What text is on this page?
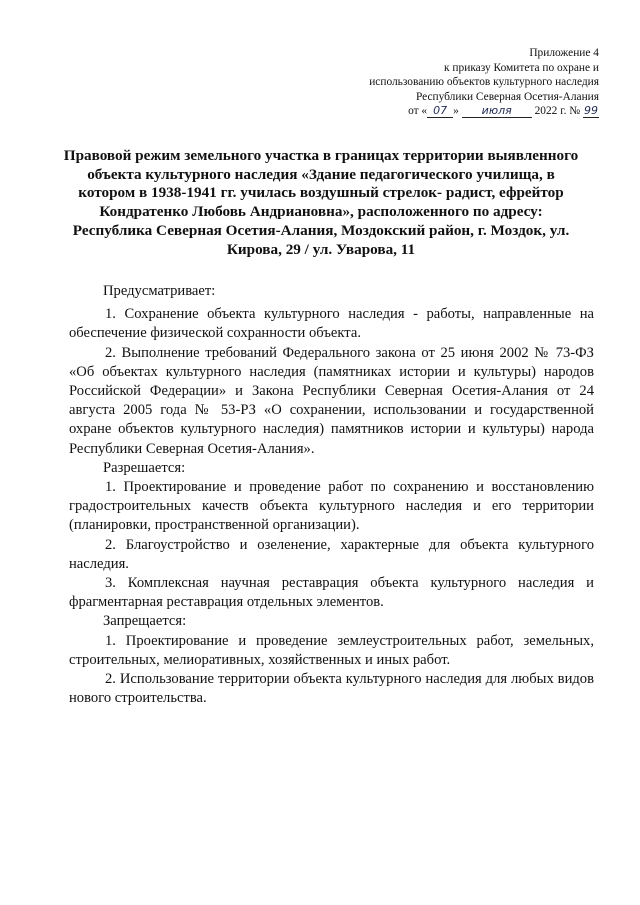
Приложение 4
к приказу Комитета по охране и
использованию объектов культурного наследия
Республики Северная Осетия-Алания
от « 07 » июля 2022 г. № 99
Правовой режим земельного участка в границах территории выявленного объекта культурного наследия «Здание педагогического училища, в котором в 1938-1941 гг. училась воздушный стрелок- радист, ефрейтор Кондратенко Любовь Андриановна», расположенного по адресу: Республика Северная Осетия-Алания, Моздокский район, г. Моздок, ул. Кирова, 29 / ул. Уварова, 11

Предусматривает:

1. Сохранение объекта культурного наследия - работы, направленные на обеспечение физической сохранности объекта.

2. Выполнение требований Федерального закона от 25 июня 2002 № 73-ФЗ «Об объектах культурного наследия (памятниках истории и культуры) народов Российской Федерации» и Закона Республики Северная Осетия-Алания от 24 августа 2005 года № 53-РЗ «О сохранении, использовании и государственной охране объектов культурного наследия) памятников истории и культуры) народа Республики Северная Осетия-Алания».

Разрешается:

1. Проектирование и проведение работ по сохранению и восстановлению градостроительных качеств объекта культурного наследия и его территории (планировки, пространственной организации).

2. Благоустройство и озеленение, характерные для объекта культурного наследия.

3. Комплексная научная реставрация объекта культурного наследия и фрагментарная реставрация отдельных элементов.

Запрещается:

1. Проектирование и проведение землеустроительных работ, земельных, строительных, мелиоративных, хозяйственных и иных работ.

2. Использование территории объекта культурного наследия для любых видов нового строительства.
